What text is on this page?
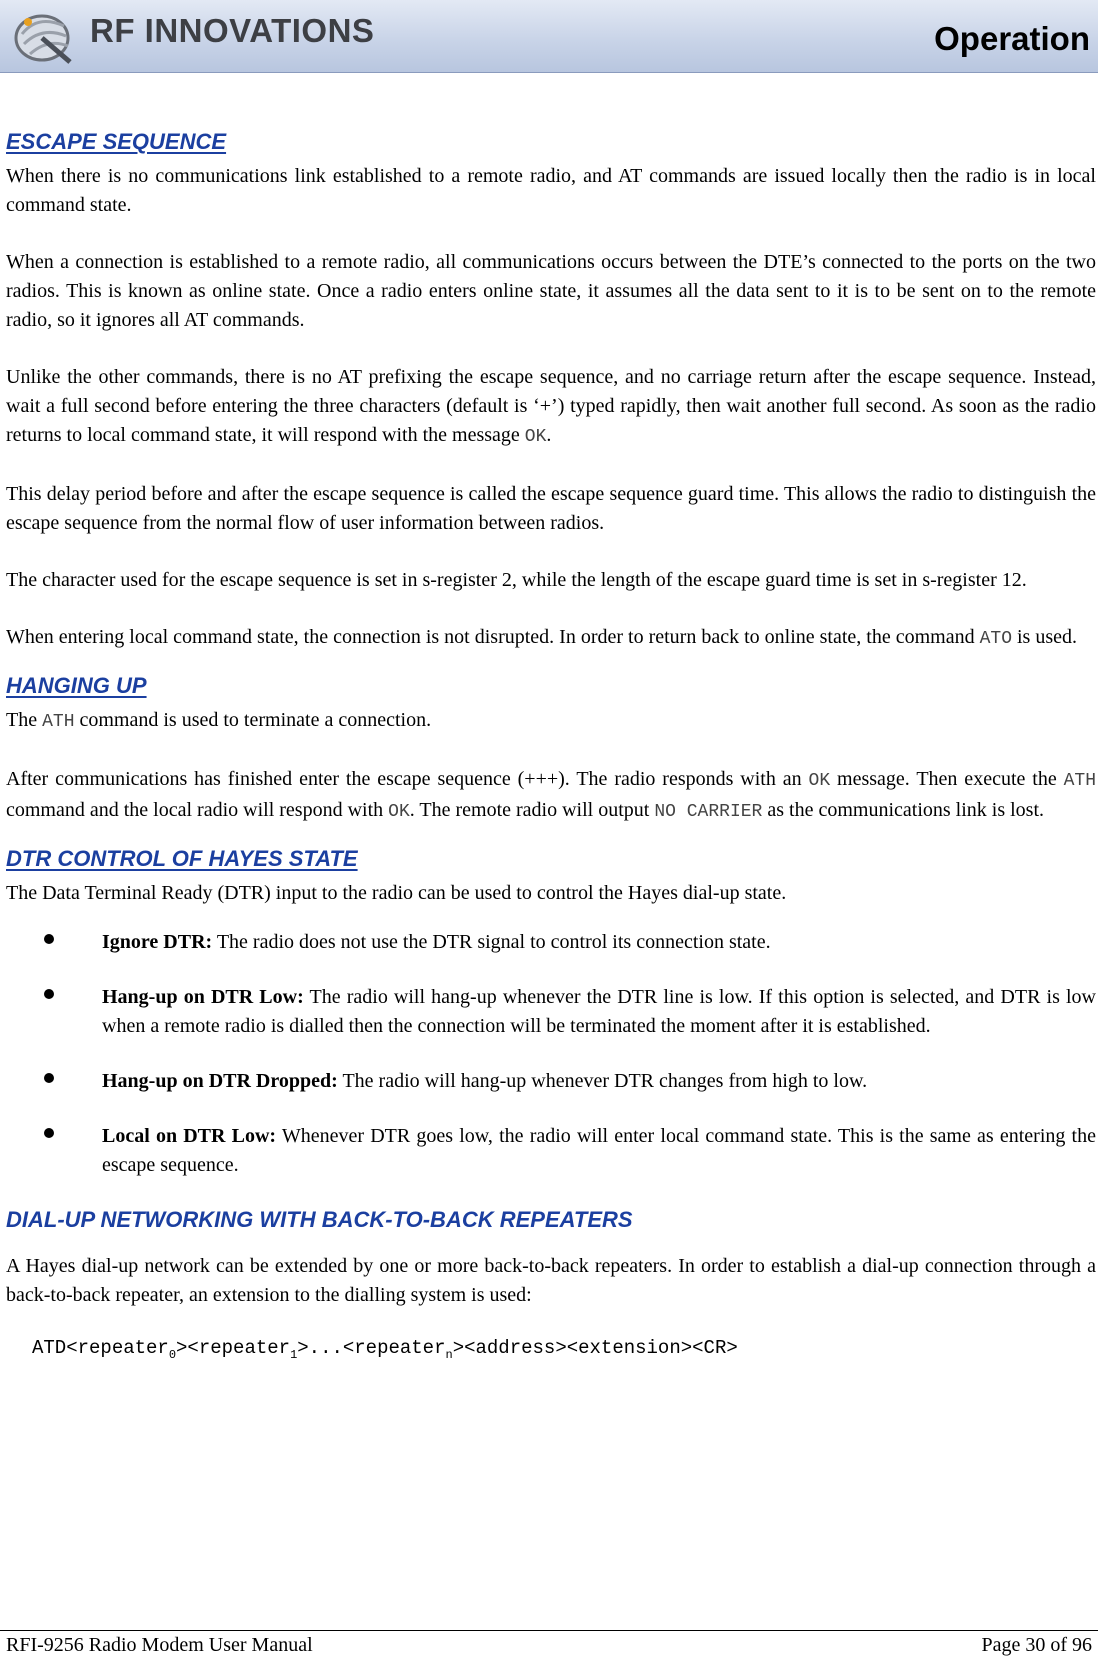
RF INNOVATIONS	Operation
ESCAPE SEQUENCE

When there is no communications link established to a remote radio, and AT commands are issued locally then the radio is in local command state.

When a connection is established to a remote radio, all communications occurs between the DTE’s connected to the ports on the two radios. This is known as online state. Once a radio enters online state, it assumes all the data sent to it is to be sent on to the remote radio, so it ignores all AT commands.

Unlike the other commands, there is no AT prefixing the escape sequence, and no carriage return after the escape sequence. Instead, wait a full second before entering the three characters (default is ‘+’) typed rapidly, then wait another full second. As soon as the radio returns to local command state, it will respond with the message OK.

This delay period before and after the escape sequence is called the escape sequence guard time. This allows the radio to distinguish the escape sequence from the normal flow of user information between radios.

The character used for the escape sequence is set in s-register 2, while the length of the escape guard time is set in s-register 12.

When entering local command state, the connection is not disrupted. In order to return back to online state, the command ATO is used.

HANGING UP

The ATH command is used to terminate a connection.

After communications has finished enter the escape sequence (+++). The radio responds with an OK message. Then execute the ATH command and the local radio will respond with OK. The remote radio will output NO CARRIER as the communications link is lost.

DTR CONTROL OF HAYES STATE

The Data Terminal Ready (DTR) input to the radio can be used to control the Hayes dial-up state.

Ignore DTR: The radio does not use the DTR signal to control its connection state.

Hang-up on DTR Low: The radio will hang-up whenever the DTR line is low. If this option is selected, and DTR is low when a remote radio is dialled then the connection will be terminated the moment after it is established.

Hang-up on DTR Dropped: The radio will hang-up whenever DTR changes from high to low.

Local on DTR Low: Whenever DTR goes low, the radio will enter local command state. This is the same as entering the escape sequence.

DIAL-UP NETWORKING WITH BACK-TO-BACK REPEATERS

A Hayes dial-up network can be extended by one or more back-to-back repeaters. In order to establish a dial-up connection through a back-to-back repeater, an extension to the dialling system is used:

ATD<repeater$_0$><repeater$_1$>...<repeater$_n$><address><extension><CR>
RFI-9256 Radio Modem User Manual	Page 30 of 96
